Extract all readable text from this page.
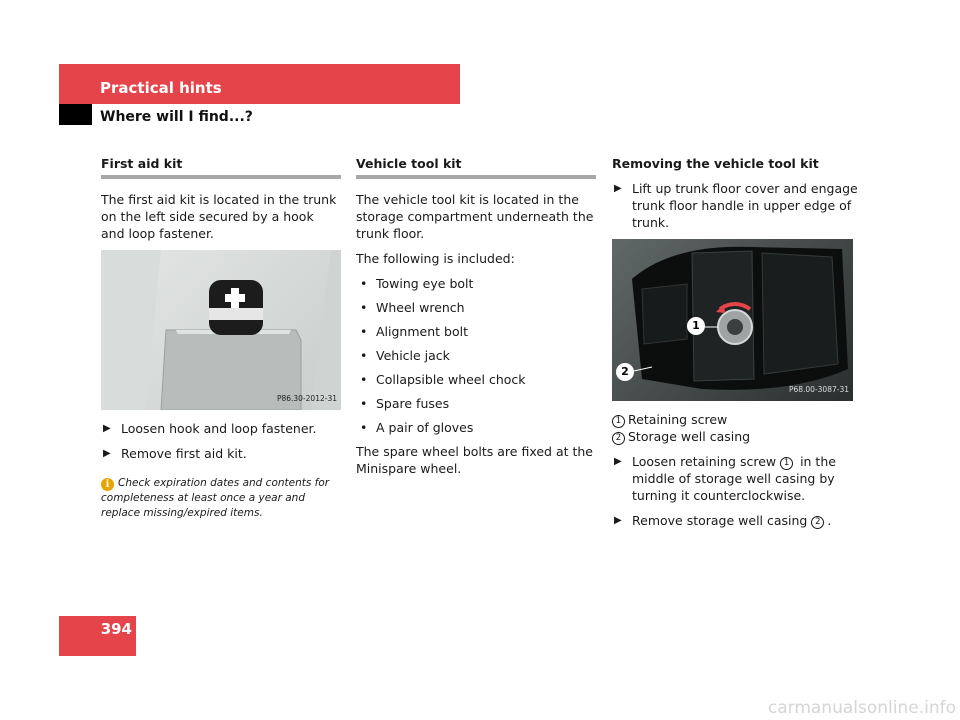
Practical hints
Where will I find...?
First aid kit

The first aid kit is located in the trunk on the left side secured by a hook and loop fastener.

P86.30-2012-31
▶ Loosen hook and loop fastener.
▶ Remove first aid kit.
i Check expiration dates and contents for completeness at least once a year and replace missing/expired items.
Vehicle tool kit

The vehicle tool kit is located in the storage compartment underneath the trunk floor.

The following is included:

• Towing eye bolt
• Wheel wrench
• Alignment bolt
• Vehicle jack
• Collapsible wheel chock
• Spare fuses
• A pair of gloves

The spare wheel bolts are fixed at the Minispare wheel.

Removing the vehicle tool kit
▶ Lift up trunk floor cover and engage trunk floor handle in upper edge of trunk.
1
2
P68.00-3087-31
1 Retaining screw
2 Storage well casing
▶ Loosen retaining screw 1 in the middle of storage well casing by turning it counterclockwise.
▶ Remove storage well casing 2 .
394
carmanualsonline.info
